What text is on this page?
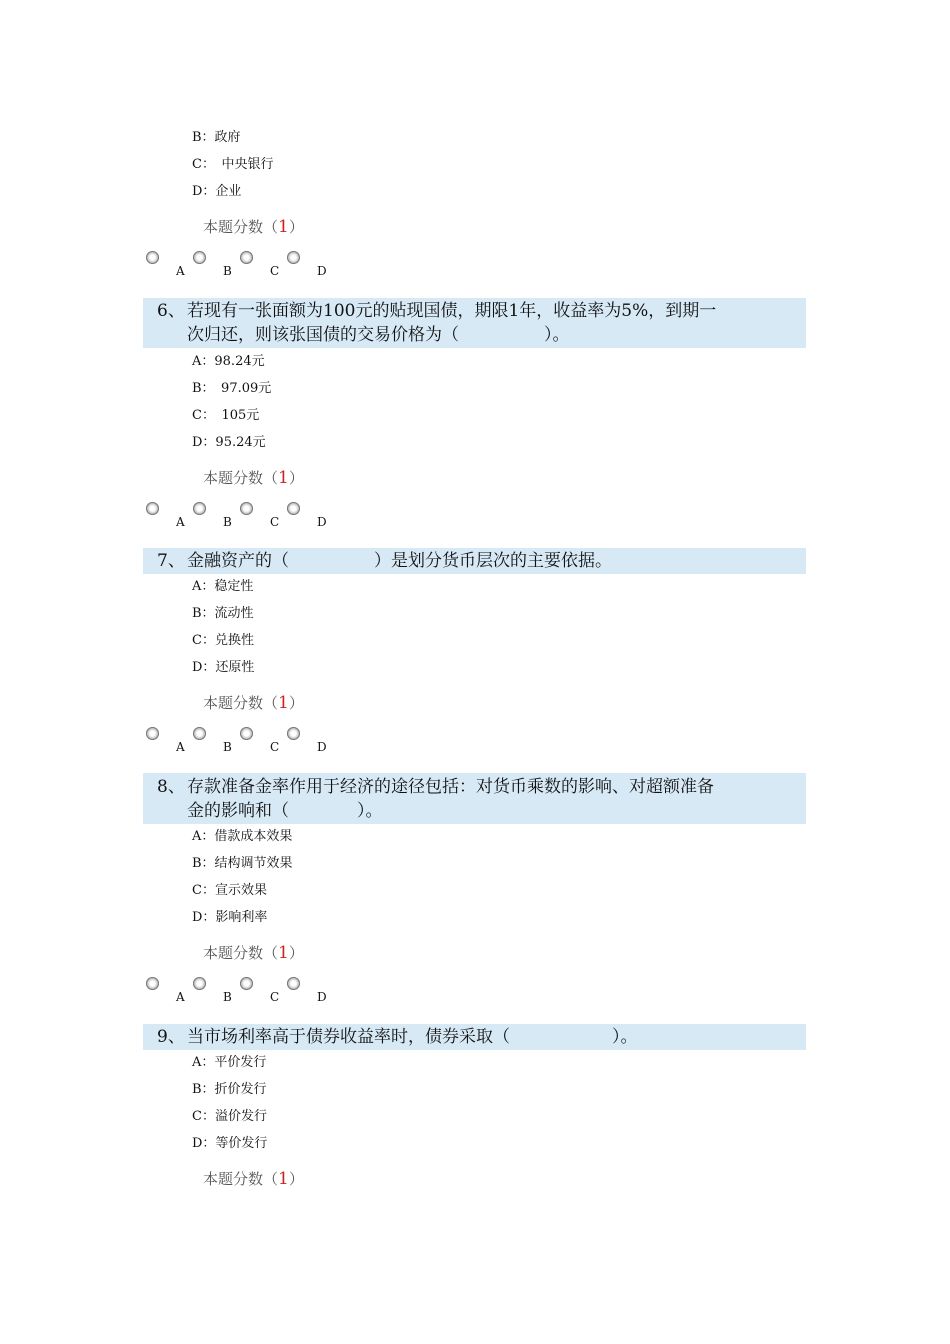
B：政府
C：　中央银行
D：企业
本题分数（1）
A	B	C	D
6、 若现有一张面额为100元的贴现国债，期限1年，收益率为5%，到期一
次归还，则该张国债的交易价格为（　　　　　）。
A：98.24元
B：　97.09元
C：　105元
D：95.24元
本题分数（1）
A	B	C	D
7、 金融资产的（　　　　　）是划分货币层次的主要依据。
A：稳定性
B：流动性
C：兑换性
D：还原性
本题分数（1）
A	B	C	D
8、 存款准备金率作用于经济的途径包括：对货币乘数的影响、对超额准备
金的影响和（　　　　）。
A：借款成本效果
B：结构调节效果
C：宣示效果
D：影响利率
本题分数（1）
A	B	C	D
9、 当市场利率高于债券收益率时，债券采取（　　　　　　）。
A：平价发行
B：折价发行
C：溢价发行
D：等价发行
本题分数（1）
